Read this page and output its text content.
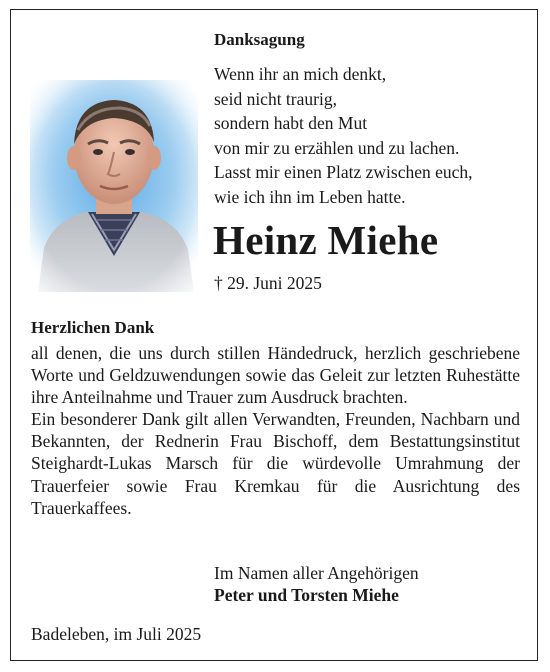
Danksagung
Wenn ihr an mich denkt,
seid nicht traurig,
sondern habt den Mut
von mir zu erzählen und zu lachen.
Lasst mir einen Platz zwischen euch,
wie ich ihn im Leben hatte.
Heinz Miehe
† 29. Juni 2025
Herzlichen Dank

all denen, die uns durch stillen Händedruck, herzlich geschriebene Worte und Geldzuwendungen sowie das Geleit zur letzten Ruhestätte ihre Anteilnahme und Trauer zum Ausdruck brachten.

Ein besonderer Dank gilt allen Verwandten, Freunden, Nachbarn und Bekannten, der Rednerin Frau Bischoff, dem Bestattungsinstitut Steighardt-Lukas Marsch für die würdevolle Umrahmung der Trauerfeier sowie Frau Kremkau für die Ausrichtung des Trauerkaffees.

Im Namen aller Angehörigen
Peter und Torsten Miehe
Badeleben, im Juli 2025
